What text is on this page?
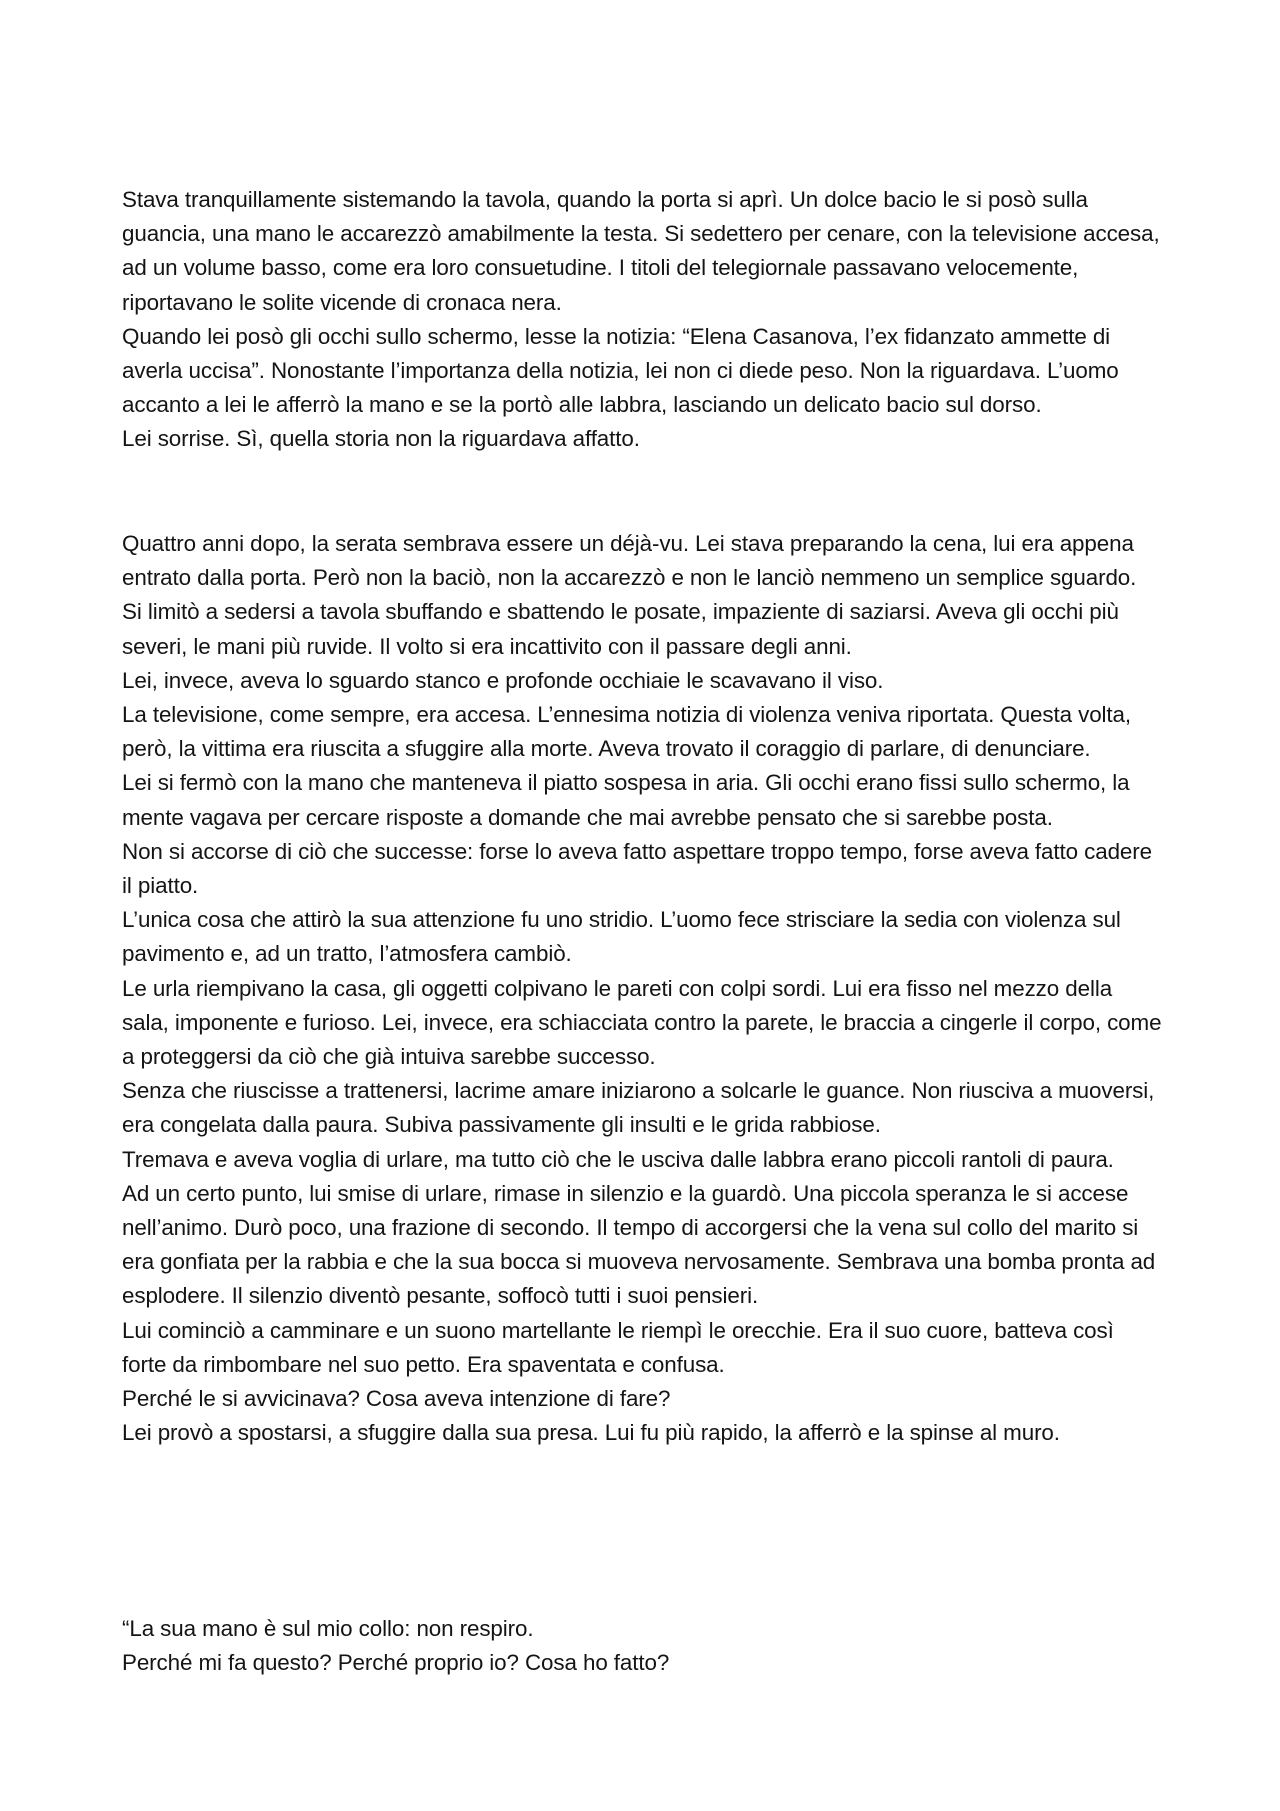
Stava tranquillamente sistemando la tavola, quando la porta si aprì. Un dolce bacio le si posò sulla guancia, una mano le accarezzò amabilmente la testa. Si sedettero per cenare, con la televisione accesa, ad un volume basso, come era loro consuetudine. I titoli del telegiornale passavano velocemente, riportavano le solite vicende di cronaca nera.

Quando lei posò gli occhi sullo schermo, lesse la notizia: “Elena Casanova, l’ex fidanzato ammette di averla uccisa”. Nonostante l’importanza della notizia, lei non ci diede peso. Non la riguardava. L’uomo accanto a lei le afferrò la mano e se la portò alle labbra, lasciando un delicato bacio sul dorso.

Lei sorrise. Sì, quella storia non la riguardava affatto.

Quattro anni dopo, la serata sembrava essere un déjà-vu. Lei stava preparando la cena, lui era appena entrato dalla porta. Però non la baciò, non la accarezzò e non le lanciò nemmeno un semplice sguardo.

Si limitò a sedersi a tavola sbuffando e sbattendo le posate, impaziente di saziarsi. Aveva gli occhi più severi, le mani più ruvide. Il volto si era incattivito con il passare degli anni.

Lei, invece, aveva lo sguardo stanco e profonde occhiaie le scavavano il viso.

La televisione, come sempre, era accesa. L’ennesima notizia di violenza veniva riportata. Questa volta, però, la vittima era riuscita a sfuggire alla morte. Aveva trovato il coraggio di parlare, di denunciare.

Lei si fermò con la mano che manteneva il piatto sospesa in aria. Gli occhi erano fissi sullo schermo, la mente vagava per cercare risposte a domande che mai avrebbe pensato che si sarebbe posta.

Non si accorse di ciò che successe: forse lo aveva fatto aspettare troppo tempo, forse aveva fatto cadere il piatto.

L’unica cosa che attirò la sua attenzione fu uno stridio. L’uomo fece strisciare la sedia con violenza sul pavimento e, ad un tratto, l’atmosfera cambiò.

Le urla riempivano la casa, gli oggetti colpivano le pareti con colpi sordi. Lui era fisso nel mezzo della sala, imponente e furioso. Lei, invece, era schiacciata contro la parete, le braccia a cingerle il corpo, come a proteggersi da ciò che già intuiva sarebbe successo.

Senza che riuscisse a trattenersi, lacrime amare iniziarono a solcarle le guance. Non riusciva a muoversi, era congelata dalla paura. Subiva passivamente gli insulti e le grida rabbiose.

Tremava e aveva voglia di urlare, ma tutto ciò che le usciva dalle labbra erano piccoli rantoli di paura.

Ad un certo punto, lui smise di urlare, rimase in silenzio e la guardò. Una piccola speranza le si accese nell’animo. Durò poco, una frazione di secondo. Il tempo di accorgersi che la vena sul collo del marito si era gonfiata per la rabbia e che la sua bocca si muoveva nervosamente. Sembrava una bomba pronta ad esplodere. Il silenzio diventò pesante, soffocò tutti i suoi pensieri.

Lui cominciò a camminare e un suono martellante le riempì le orecchie. Era il suo cuore, batteva così forte da rimbombare nel suo petto. Era spaventata e confusa.

Perché le si avvicinava? Cosa aveva intenzione di fare?

Lei provò a spostarsi, a sfuggire dalla sua presa. Lui fu più rapido, la afferrò e la spinse al muro.

“La sua mano è sul mio collo: non respiro.

Perché mi fa questo? Perché proprio io? Cosa ho fatto?
